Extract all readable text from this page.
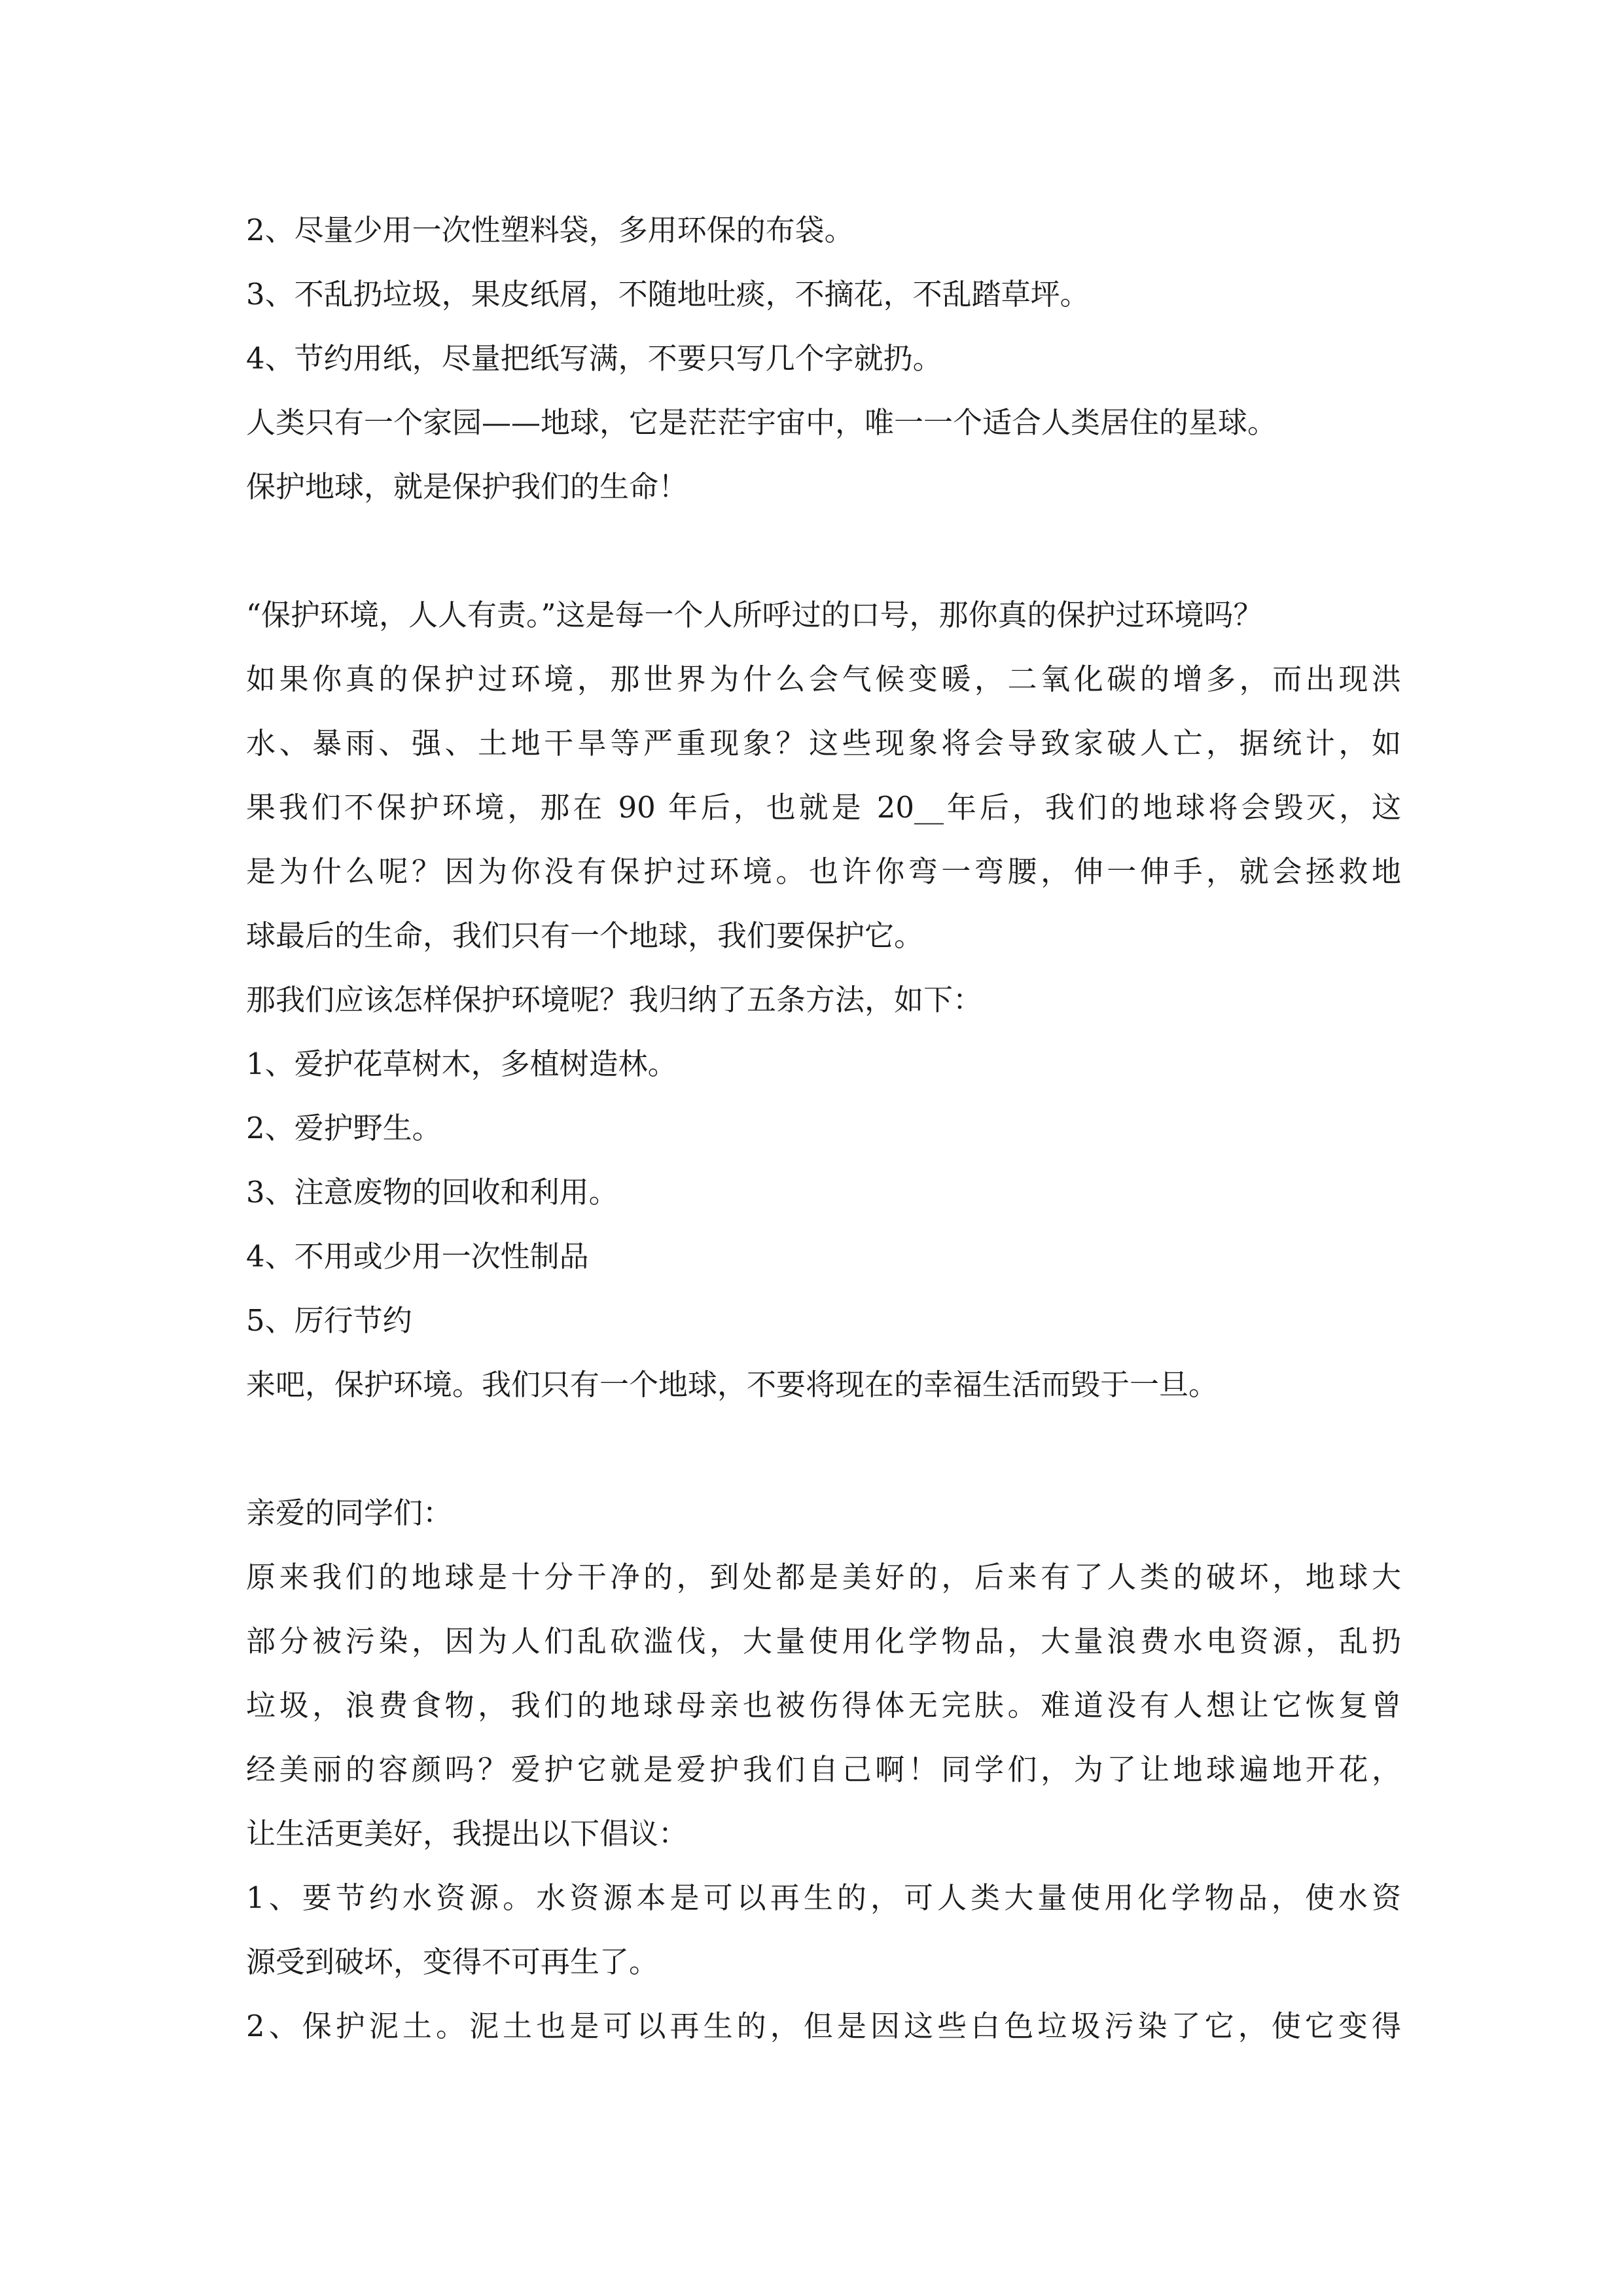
2、尽量少用一次性塑料袋，多用环保的布袋。
3、不乱扔垃圾，果皮纸屑，不随地吐痰，不摘花，不乱踏草坪。
4、节约用纸，尽量把纸写满，不要只写几个字就扔。
人类只有一个家园——地球，它是茫茫宇宙中，唯一一个适合人类居住的星球。
保护地球，就是保护我们的生命！
“保护环境，人人有责。”这是每一个人所呼过的口号，那你真的保护过环境吗？
如果你真的保护过环境，那世界为什么会气候变暖，二氧化碳的增多，而出现洪
水、暴雨、强、土地干旱等严重现象？这些现象将会导致家破人亡，据统计，如
果我们不保护环境，那在 90 年后，也就是 20__年后，我们的地球将会毁灭，这
是为什么呢？因为你没有保护过环境。也许你弯一弯腰，伸一伸手，就会拯救地
球最后的生命，我们只有一个地球，我们要保护它。
那我们应该怎样保护环境呢？我归纳了五条方法，如下：
1、爱护花草树木，多植树造林。
2、爱护野生。
3、注意废物的回收和利用。
4、不用或少用一次性制品
5、厉行节约
来吧，保护环境。我们只有一个地球，不要将现在的幸福生活而毁于一旦。
亲爱的同学们：
原来我们的地球是十分干净的，到处都是美好的，后来有了人类的破坏，地球大
部分被污染，因为人们乱砍滥伐，大量使用化学物品，大量浪费水电资源，乱扔
垃圾，浪费食物，我们的地球母亲也被伤得体无完肤。难道没有人想让它恢复曾
经美丽的容颜吗？爱护它就是爱护我们自己啊！同学们，为了让地球遍地开花，
让生活更美好，我提出以下倡议：
1、要节约水资源。水资源本是可以再生的，可人类大量使用化学物品，使水资
源受到破坏，变得不可再生了。
2、保护泥土。泥土也是可以再生的，但是因这些白色垃圾污染了它，使它变得
